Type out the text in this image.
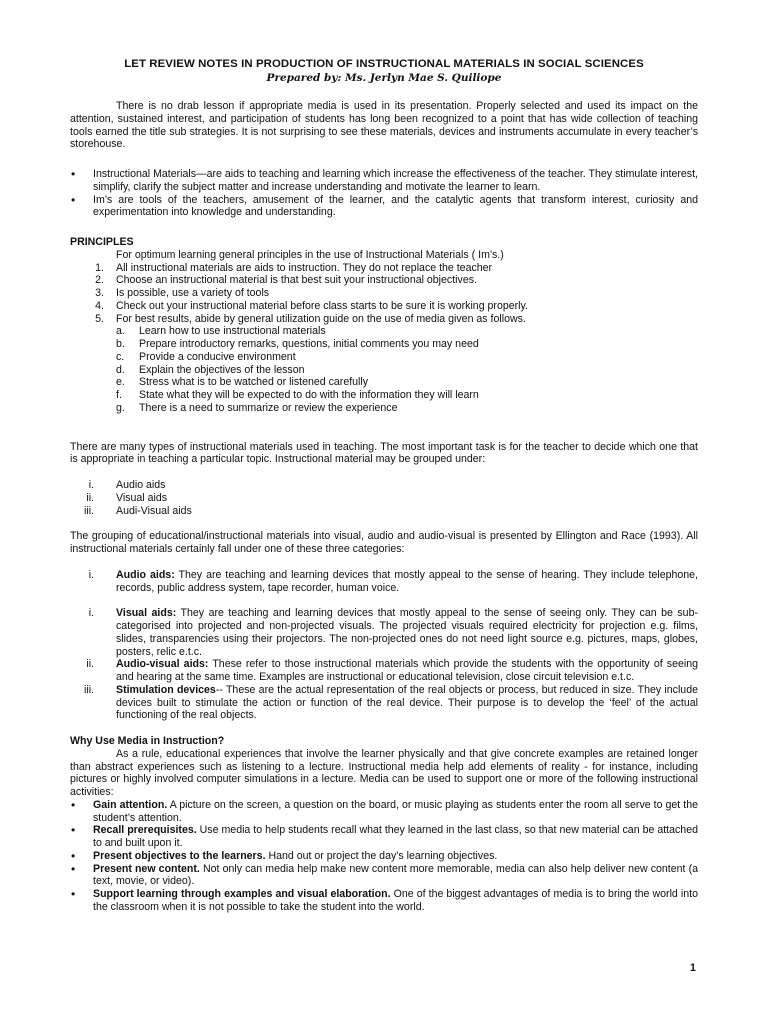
LET REVIEW NOTES IN PRODUCTION OF INSTRUCTIONAL MATERIALS IN SOCIAL SCIENCES
Prepared by: Ms. Jerlyn Mae S. Quiliope

There is no drab lesson if appropriate media is used in its presentation. Properly selected and used its impact on the attention, sustained interest, and participation of students has long been recognized to a point that has wide collection of teaching tools earned the title sub strategies. It is not surprising to see these materials, devices and instruments accumulate in every teacher’s storehouse.

• Instructional Materials—are aids to teaching and learning which increase the effectiveness of the teacher. They stimulate interest, simplify, clarify the subject matter and increase understanding and motivate the learner to learn.
• Im’s are tools of the teachers, amusement of the learner, and the catalytic agents that transform interest, curiosity and experimentation into knowledge and understanding.

PRINCIPLES

For optimum learning general principles in the use of Instructional Materials ( Im’s.)

1. All instructional materials are aids to instruction. They do not replace the teacher
2. Choose an instructional material is that best suit your instructional objectives.
3. Is possible, use a variety of tools
4. Check out your instructional material before class starts to be sure it is working properly.
5. For best results, abide by general utilization guide on the use of media given as follows.
a. Learn how to use instructional materials
b. Prepare introductory remarks, questions, initial comments you may need
c.	Provide a conducive environment
d. Explain the objectives of the lesson
e. Stress what is to be watched or listened carefully
f.	State what they will be expected to do with the information they will learn
g. There is a need to summarize or review the experience

There are many types of instructional materials used in teaching. The most important task is for the teacher to decide which one that is appropriate in teaching a particular topic. Instructional material may be grouped under:

i. Audio aids
ii. Visual aids
iii. Audi-Visual aids

The grouping of educational/instructional materials into visual, audio and audio-visual is presented by Ellington and Race (1993). All instructional materials certainly fall under one of these three categories:

i. Audio aids: They are teaching and learning devices that mostly appeal to the sense of hearing. They include telephone, records, public address system, tape recorder, human voice.
i. Visual aids: They are teaching and learning devices that mostly appeal to the sense of seeing only. They can be sub-categorised into projected and non-projected visuals. The projected visuals required electricity for projection e.g. films, slides, transparencies using their projectors. The non-projected ones do not need light source e.g. pictures, maps, globes, posters, relic e.t.c.
ii. Audio-visual aids: These refer to those instructional materials which provide the students with the opportunity of seeing and hearing at the same time. Examples are instructional or educational television, close circuit television e.t.c.
iii. Stimulation devices-- These are the actual representation of the real objects or process, but reduced in size. They include devices built to stimulate the action or function of the real device. Their purpose is to develop the ‘feel’ of the actual functioning of the real objects.

Why Use Media in Instruction?

As a rule, educational experiences that involve the learner physically and that give concrete examples are retained longer than abstract experiences such as listening to a lecture. Instructional media help add elements of reality - for instance, including pictures or highly involved computer simulations in a lecture. Media can be used to support one or more of the following instructional activities:

• Gain attention. A picture on the screen, a question on the board, or music playing as students enter the room all serve to get the student’s attention.
• Recall prerequisites. Use media to help students recall what they learned in the last class, so that new material can be attached to and built upon it.
• Present objectives to the learners. Hand out or project the day’s learning objectives.
• Present new content. Not only can media help make new content more memorable, media can also help deliver new content (a text, movie, or video).
• Support learning through examples and visual elaboration. One of the biggest advantages of media is to bring the world into the classroom when it is not possible to take the student into the world.
1
